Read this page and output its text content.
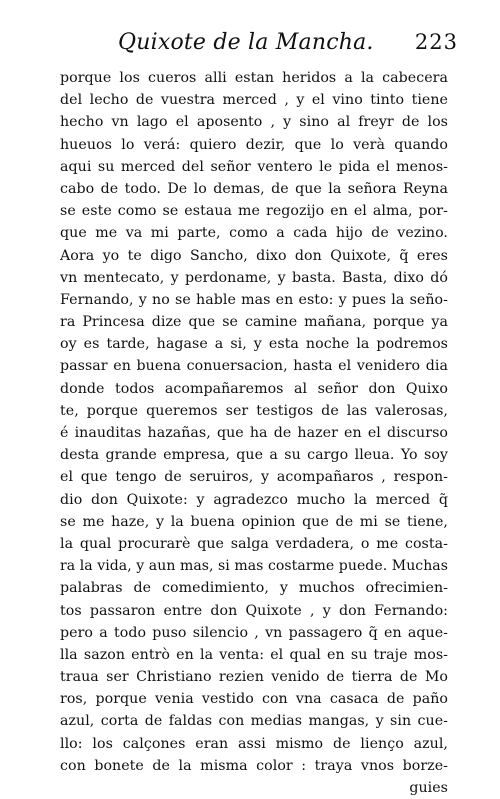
Quixote de la Mancha. 223
porque los cueros alli estan heridos a la cabecera
del lecho de vuestra merced , y el vino tinto tiene
hecho vn lago el aposento , y sino al freyr de los
hueuos lo verá: quiero dezir, que lo verà quando
aqui su merced del señor ventero le pida el menos-
cabo de todo. De lo demas, de que la señora Reyna
se este como se estaua me regozijo en el alma, por-
que me va mi parte, como a cada hijo de vezino.
Aora yo te digo Sancho, dixo don Quixote, q̃ eres
vn mentecato, y perdoname, y basta. Basta, dixo dó
Fernando, y no se hable mas en esto: y pues la seño-
ra Princesa dize que se camine mañana, porque ya
oy es tarde, hagase a si, y esta noche la podremos
passar en buena conuersacion, hasta el venidero dia
donde todos acompañaremos al señor don Quixo
te, porque queremos ser testigos de las valerosas,
é inauditas hazañas, que ha de hazer en el discurso
desta grande empresa, que a su cargo lleua. Yo soy
el que tengo de seruiros, y acompañaros , respon-
dio don Quixote: y agradezco mucho la merced q̃
se me haze, y la buena opinion que de mi se tiene,
la qual procurarè que salga verdadera, o me costa-
ra la vida, y aun mas, si mas costarme puede. Muchas
palabras de comedimiento, y muchos ofrecimien-
tos passaron entre don Quixote , y don Fernando:
pero a todo puso silencio , vn passagero q̃ en aque-
lla sazon entrò en la venta: el qual en su traje mos-
traua ser Christiano rezien venido de tierra de Mo
ros, porque venia vestido con vna casaca de paño
azul, corta de faldas con medias mangas, y sin cue-
llo: los calçones eran assi mismo de lienço azul,
con bonete de la misma color : traya vnos borze-
guies
